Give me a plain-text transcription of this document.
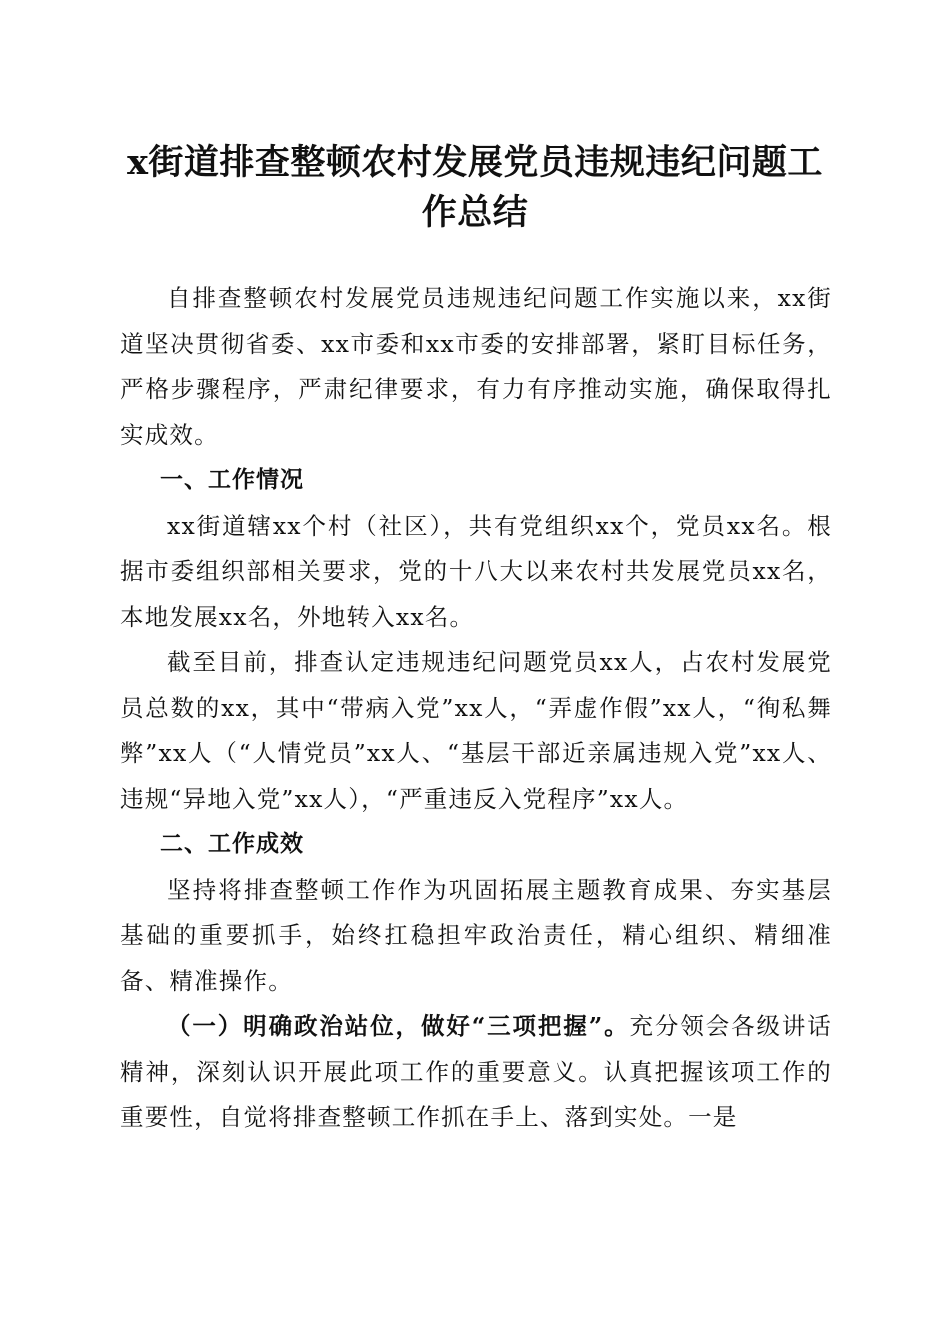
x街道排查整顿农村发展党员违规违纪问题工
作总结

自排查整顿农村发展党员违规违纪问题工作实施以来，xx街道坚决贯彻省委、xx市委和xx市委的安排部署，紧盯目标任务，严格步骤程序，严肃纪律要求，有力有序推动实施，确保取得扎实成效。

一、工作情况

xx街道辖xx个村（社区），共有党组织xx个，党员xx名。根据市委组织部相关要求，党的十八大以来农村共发展党员xx名，本地发展xx名，外地转入xx名。

截至目前，排查认定违规违纪问题党员xx人，占农村发展党员总数的xx，其中“带病入党”xx人，“弄虚作假”xx人，“徇私舞弊”xx人（“人情党员”xx人、“基层干部近亲属违规入党”xx人、违规“异地入党”xx人），“严重违反入党程序”xx人。

二、工作成效

坚持将排查整顿工作作为巩固拓展主题教育成果、夯实基层基础的重要抓手，始终扛稳担牢政治责任，精心组织、精细准备、精准操作。

（一）明确政治站位，做好“三项把握”。充分领会各级讲话精神，深刻认识开展此项工作的重要意义。认真把握该项工作的重要性，自觉将排查整顿工作抓在手上、落到实处。一是
